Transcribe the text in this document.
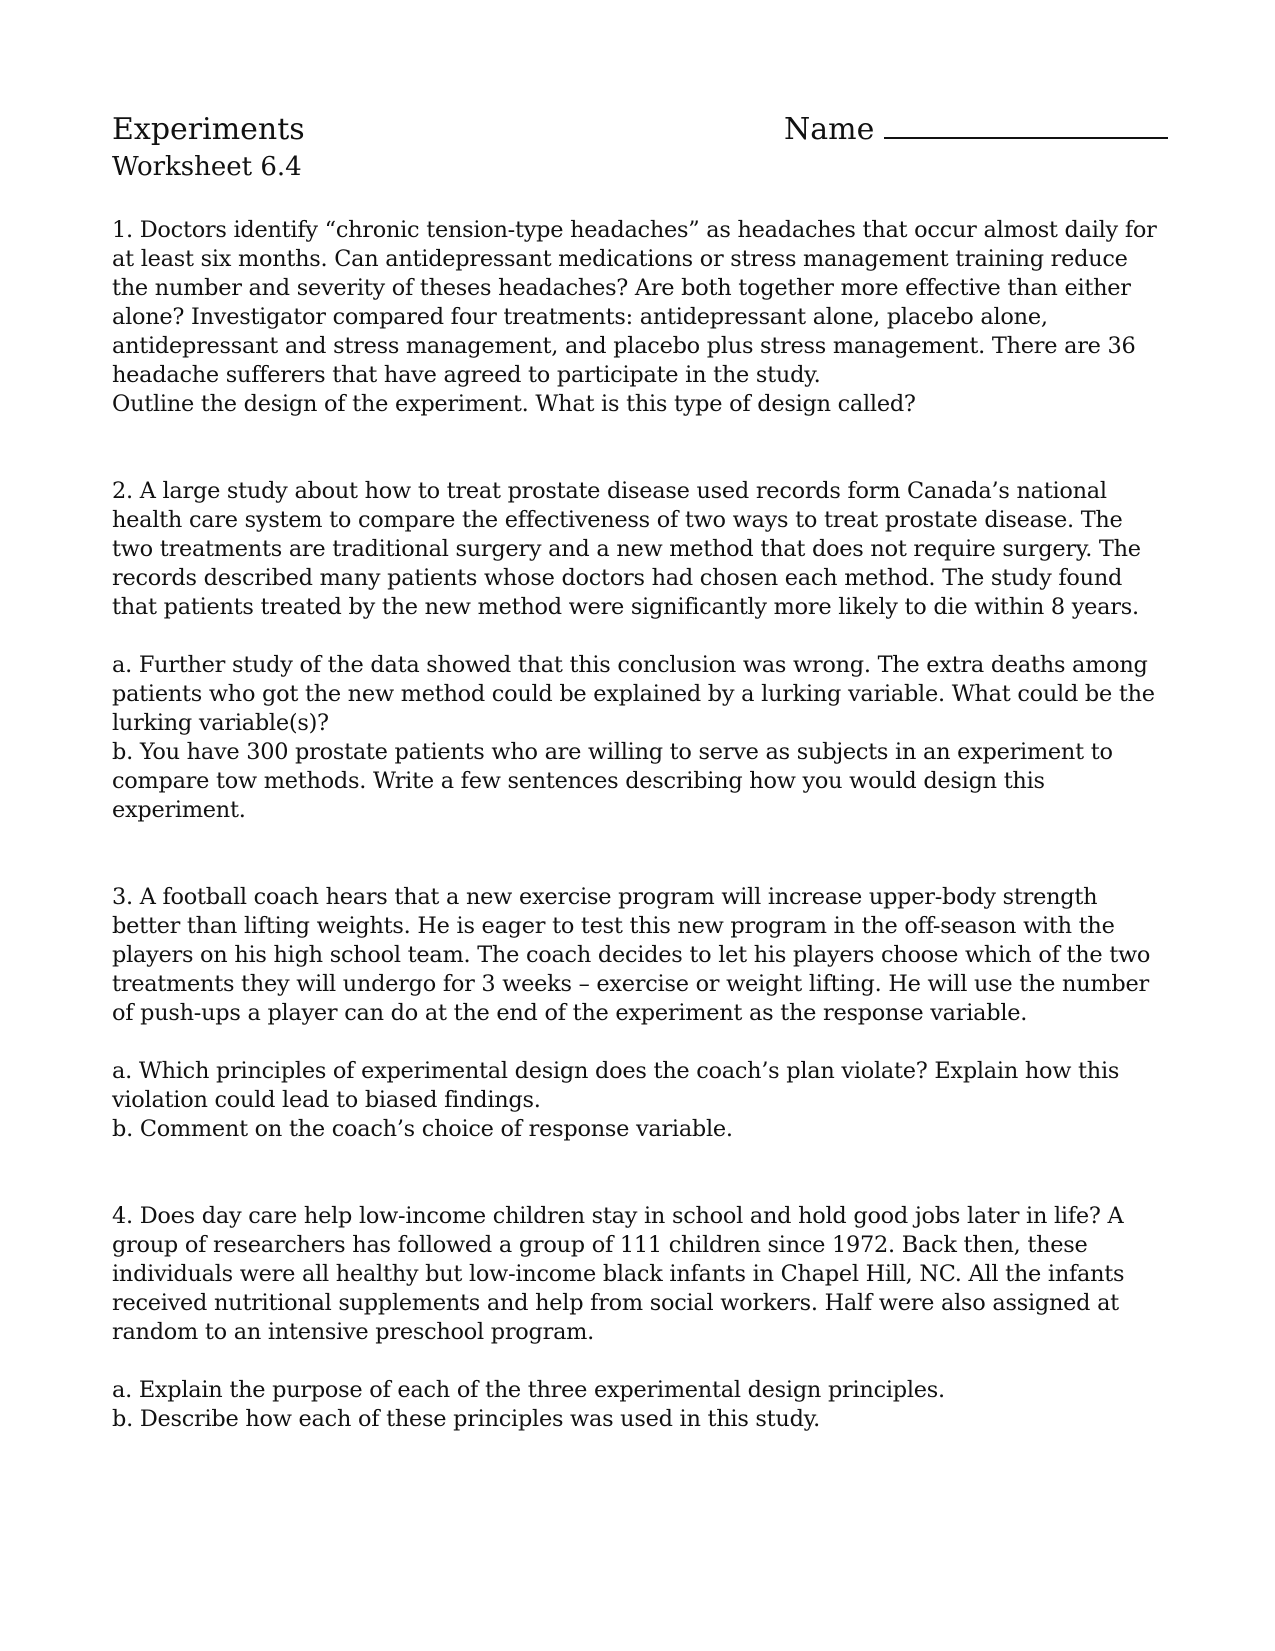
Experiments
Worksheet 6.4
Name

1. Doctors identify “chronic tension-type headaches” as headaches that occur almost daily for at least six months. Can antidepressant medications or stress management training reduce the number and severity of theses headaches? Are both together more effective than either alone? Investigator compared four treatments: antidepressant alone, placebo alone, antidepressant and stress management, and placebo plus stress management. There are 36 headache sufferers that have agreed to participate in the study.

Outline the design of the experiment. What is this type of design called?

2. A large study about how to treat prostate disease used records form Canada’s national health care system to compare the effectiveness of two ways to treat prostate disease. The two treatments are traditional surgery and a new method that does not require surgery. The records described many patients whose doctors had chosen each method. The study found that patients treated by the new method were significantly more likely to die within 8 years.

a. Further study of the data showed that this conclusion was wrong. The extra deaths among patients who got the new method could be explained by a lurking variable. What could be the lurking variable(s)?

b. You have 300 prostate patients who are willing to serve as subjects in an experiment to compare tow methods. Write a few sentences describing how you would design this experiment.

3. A football coach hears that a new exercise program will increase upper-body strength better than lifting weights. He is eager to test this new program in the off-season with the players on his high school team. The coach decides to let his players choose which of the two treatments they will undergo for 3 weeks – exercise or weight lifting. He will use the number of push-ups a player can do at the end of the experiment as the response variable.

a. Which principles of experimental design does the coach’s plan violate? Explain how this violation could lead to biased findings.

b. Comment on the coach’s choice of response variable.

4. Does day care help low-income children stay in school and hold good jobs later in life? A group of researchers has followed a group of 111 children since 1972. Back then, these individuals were all healthy but low-income black infants in Chapel Hill, NC. All the infants received nutritional supplements and help from social workers. Half were also assigned at random to an intensive preschool program.

a. Explain the purpose of each of the three experimental design principles.

b. Describe how each of these principles was used in this study.
